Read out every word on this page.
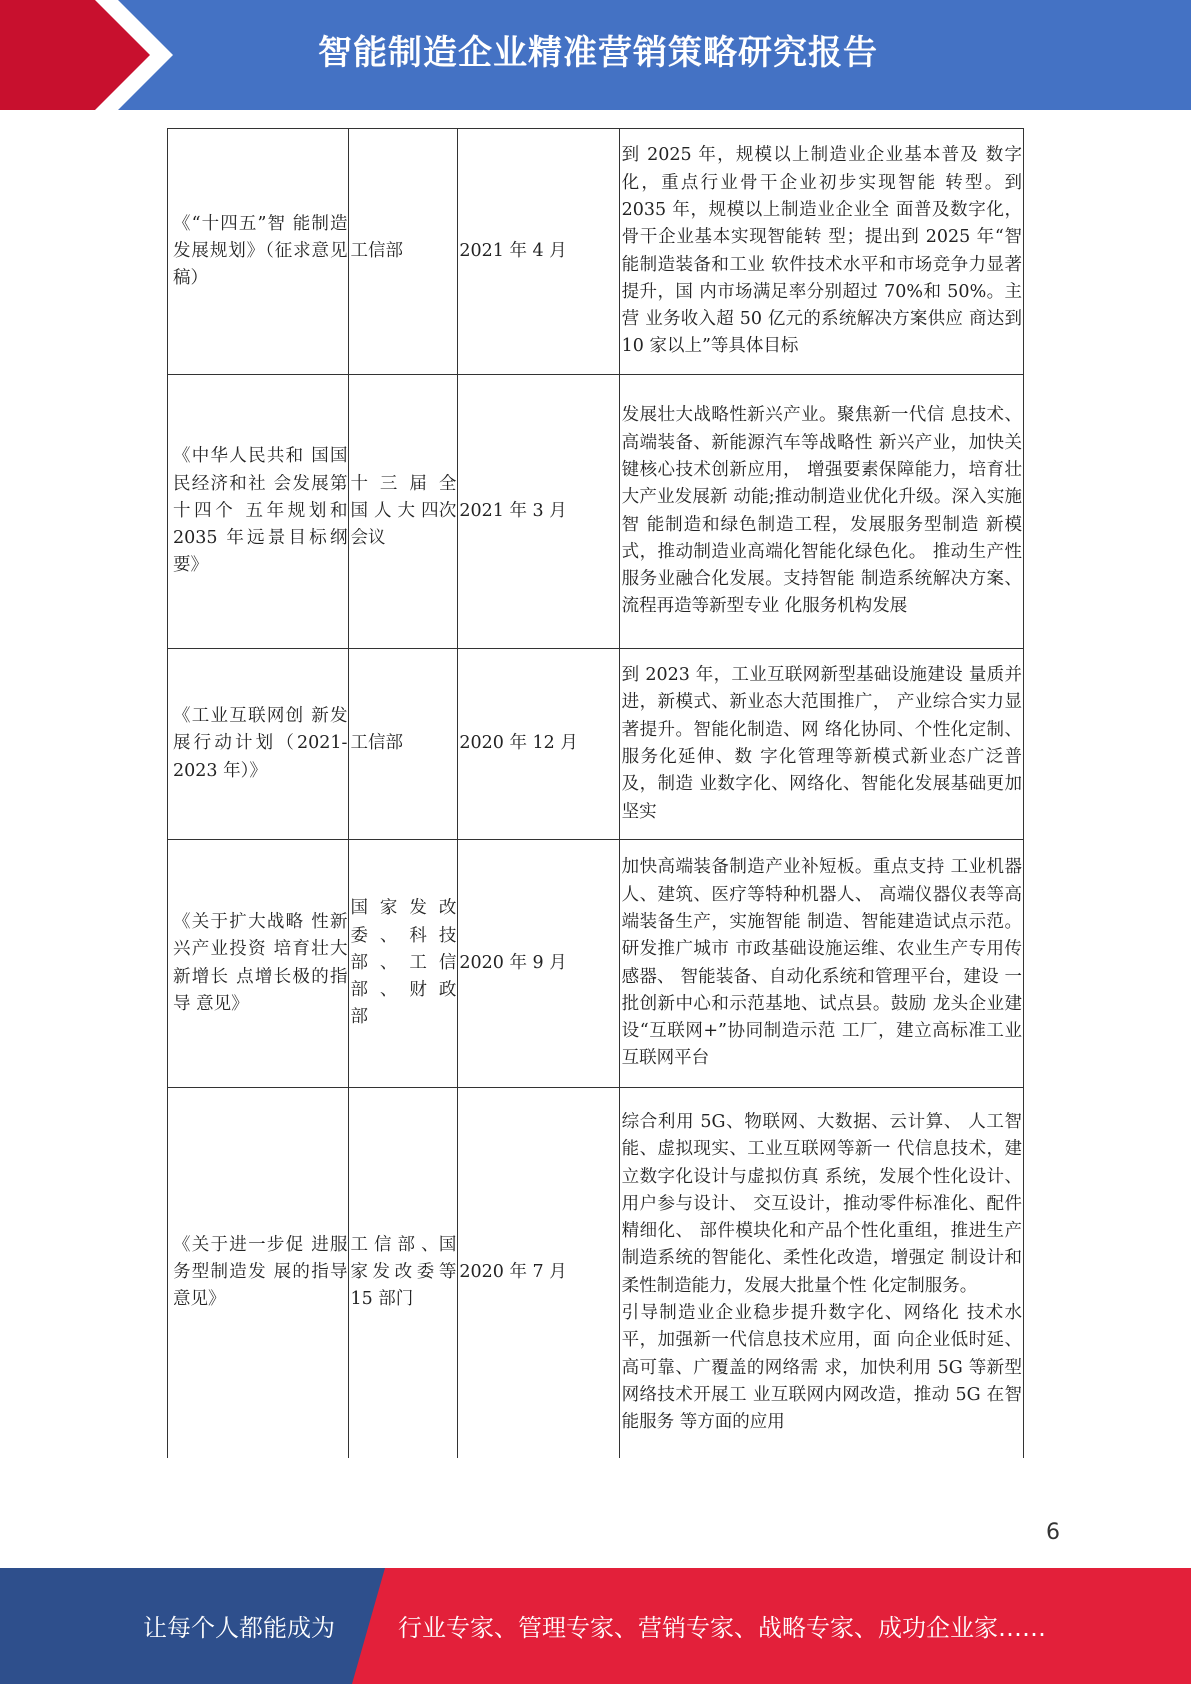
智能制造企业精准营销策略研究报告
《“十四五”智 能制造发展规划》（征求意见稿）	工信部	2021 年 4 月	到 2025 年，规模以上制造业企业基本普及 数字化，重点行业骨干企业初步实现智能 转型。到 2035 年，规模以上制造业企业全 面普及数字化，骨干企业基本实现智能转 型；提出到 2025 年“智能制造装备和工业 软件技术水平和市场竞争力显著提升，国 内市场满足率分别超过 70%和 50%。主营 业务收入超 50 亿元的系统解决方案供应 商达到 10 家以上”等具体目标

《中华人民共和 国国民经济和社 会发展第十四个 五年规划和 2035 年远景目标纲要》	十 三 届 全 国 人 大 四次会议	2021 年 3 月	发展壮大战略性新兴产业。聚焦新一代信 息技术、高端装备、新能源汽车等战略性 新兴产业，加快关键核心技术创新应用， 增强要素保障能力，培育壮大产业发展新 动能;推动制造业优化升级。深入实施智 能制造和绿色制造工程，发展服务型制造 新模式，推动制造业高端化智能化绿色化。 推动生产性服务业融合化发展。支持智能 制造系统解决方案、流程再造等新型专业 化服务机构发展

《工业互联网创 新发展行动计划（2021-2023 年）》	工信部	2020 年 12 月	到 2023 年，工业互联网新型基础设施建设 量质并进，新模式、新业态大范围推广， 产业综合实力显著提升。智能化制造、网 络化协同、个性化定制、服务化延伸、数 字化管理等新模式新业态广泛普及，制造 业数字化、网络化、智能化发展基础更加 坚实

《关于扩大战略 性新兴产业投资 培育壮大新增长 点增长极的指导 意见》	国 家 发 改 委 、 科 技 部 、 工 信 部 、 财 政 部	2020 年 9 月	加快高端装备制造产业补短板。重点支持 工业机器人、建筑、医疗等特种机器人、 高端仪器仪表等高端装备生产，实施智能 制造、智能建造试点示范。研发推广城市 市政基础设施运维、农业生产专用传感器、 智能装备、自动化系统和管理平台，建设 一批创新中心和示范基地、试点县。鼓励 龙头企业建设“互联网+”协同制造示范 工厂，建立高标准工业互联网平台

《关于进一步促 进服务型制造发 展的指导意见》	工 信 部 、国家发改委等 15 部门	2020 年 7 月	综合利用 5G、物联网、大数据、云计算、 人工智能、虚拟现实、工业互联网等新一 代信息技术，建立数字化设计与虚拟仿真 系统，发展个性化设计、用户参与设计、 交互设计，推动零件标准化、配件精细化、 部件模块化和产品个性化重组，推进生产 制造系统的智能化、柔性化改造，增强定 制设计和柔性制造能力，发展大批量个性 化定制服务。
引导制造业企业稳步提升数字化、网络化 技术水平，加强新一代信息技术应用，面 向企业低时延、高可靠、广覆盖的网络需 求，加快利用 5G 等新型网络技术开展工 业互联网内网改造，推动 5G 在智能服务 等方面的应用
6
让每个人都能成为	行业专家、管理专家、营销专家、战略专家、成功企业家……
